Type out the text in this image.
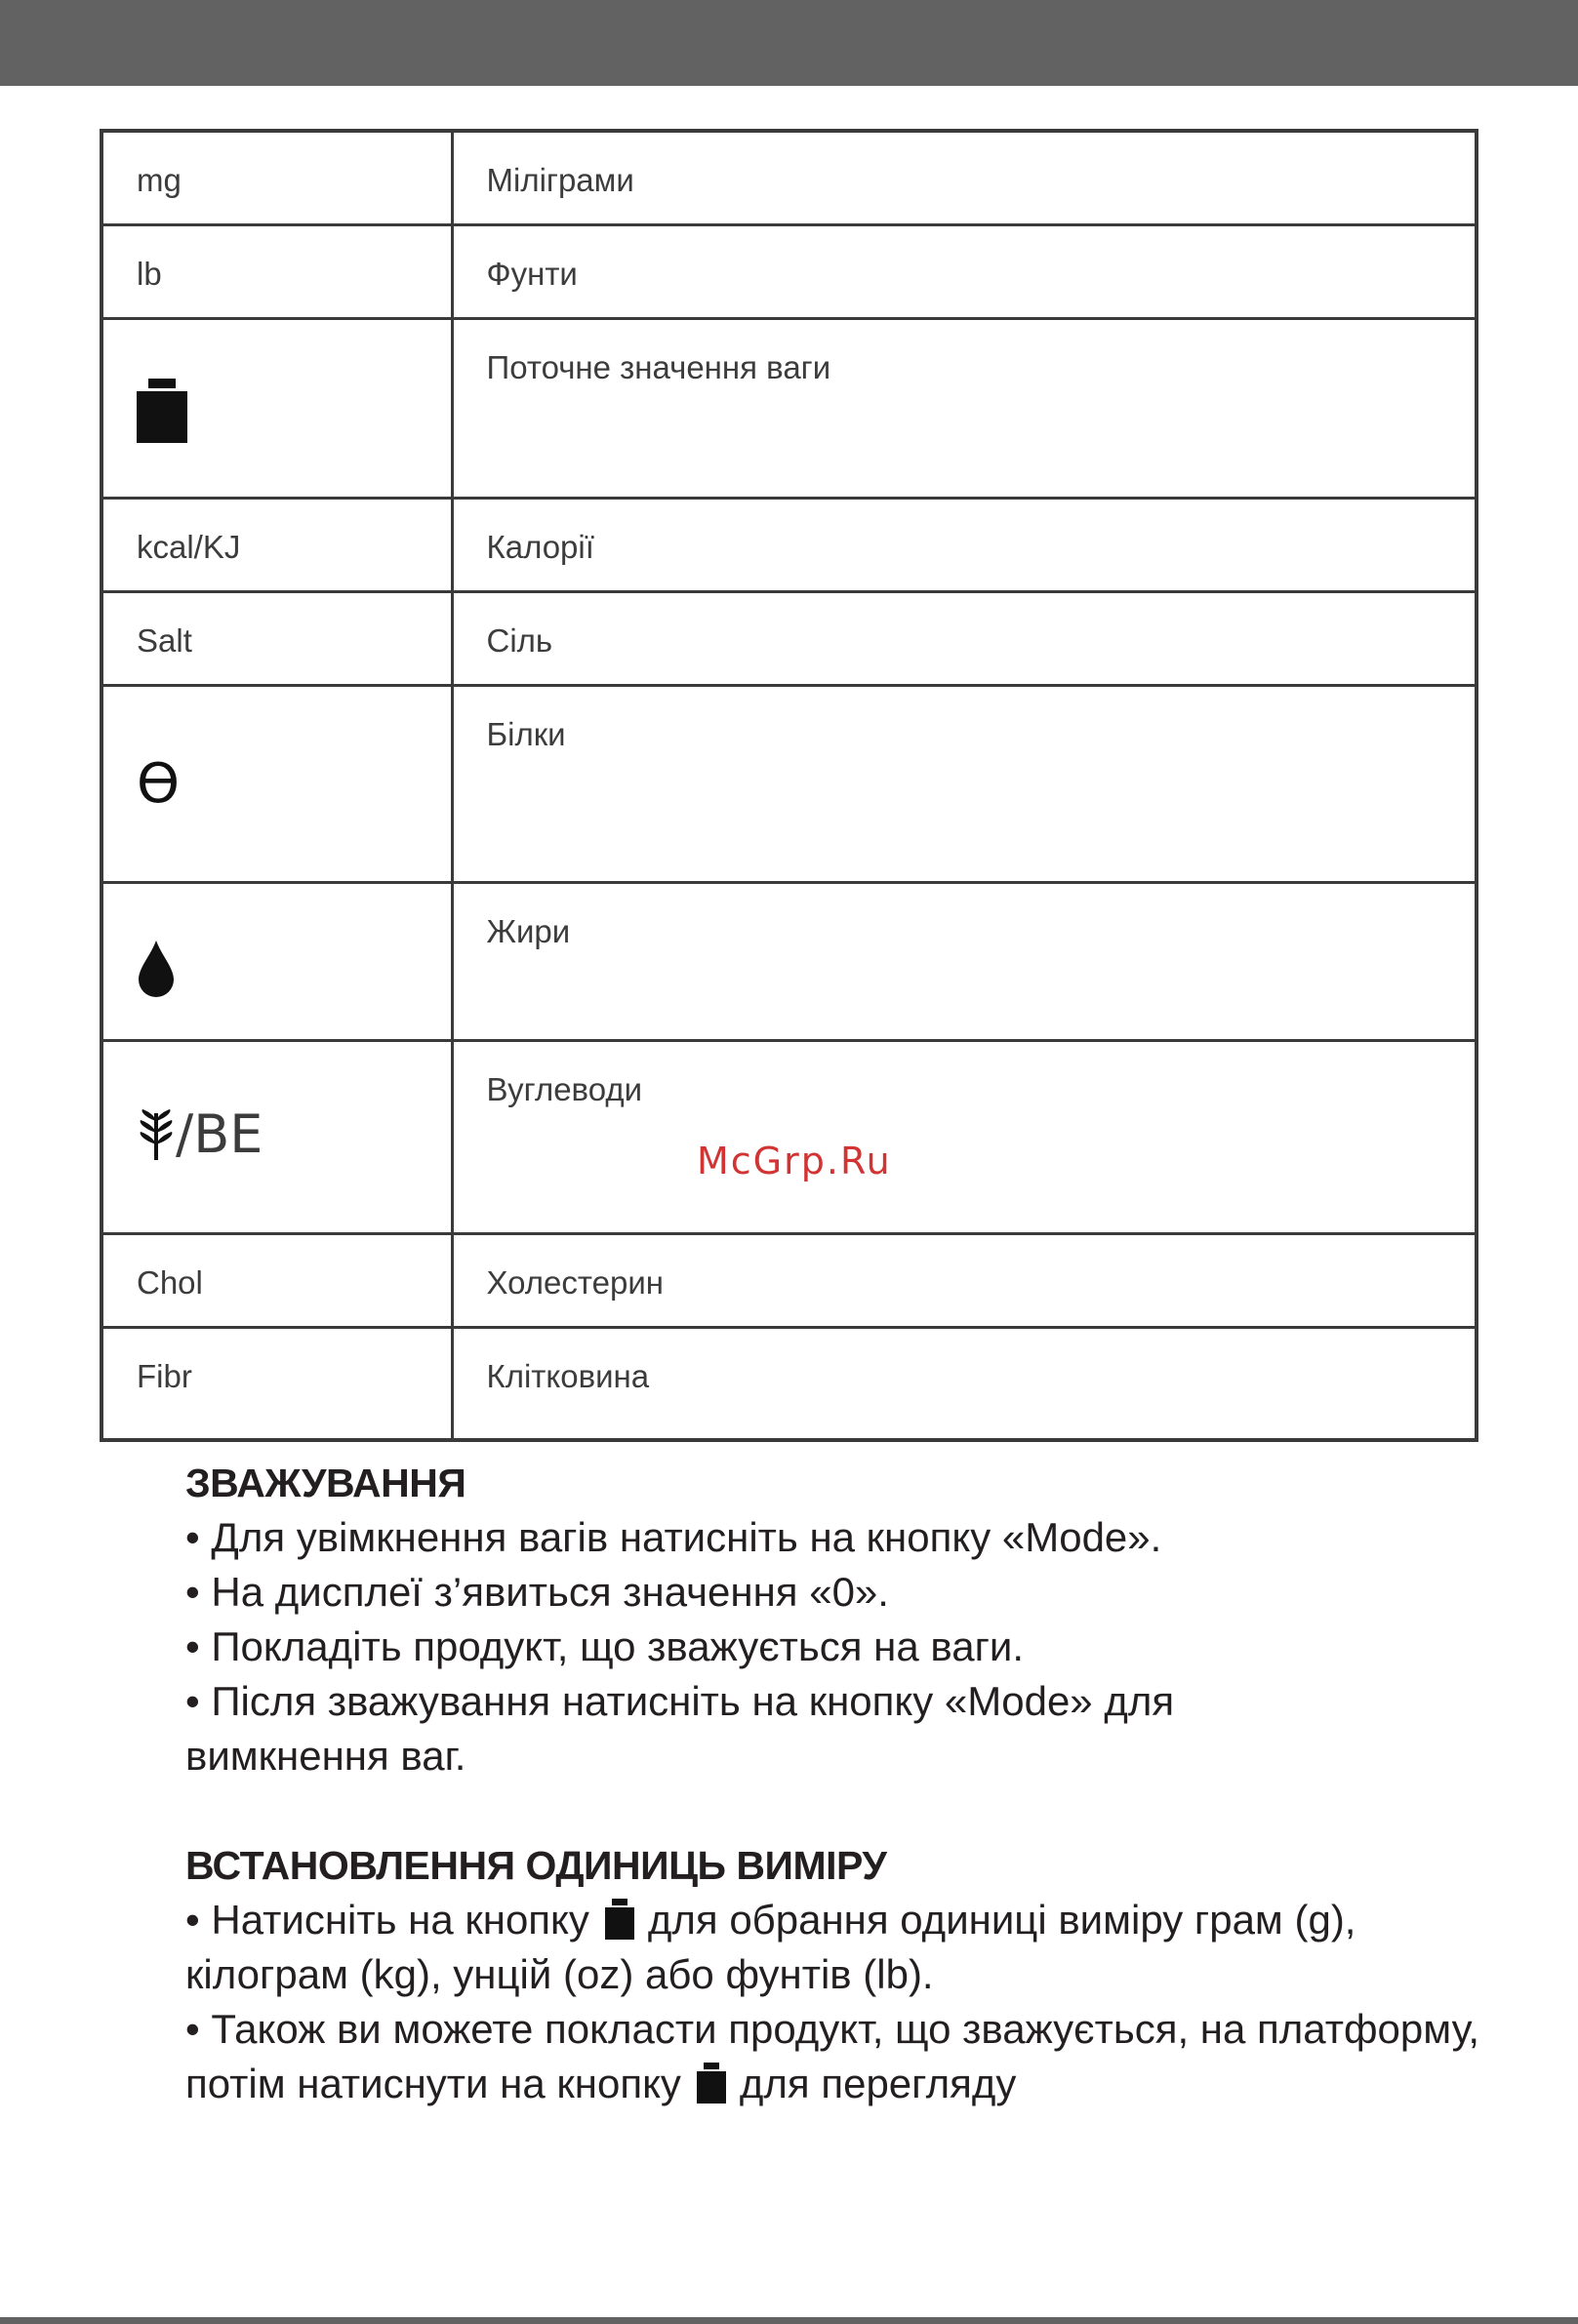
mg	Міліграми
lb	Фунти

	Поточне значення ваги
kcal/KJ	Калорії
Salt	Сіль
ϴ	Білки
	Жири

/BE	Вуглеводи
Chol	Холестерин
Fibr	Клітковина
McGrp.Ru

ЗВАЖУВАННЯ

• Для увімкнення вагів натисніть на кнопку «Mode».

• На дисплеї з’явиться значення «0».

• Покладіть продукт, що зважується на ваги.

• Після зважування натисніть на кнопку «Mode» для вимкнення ваг.

ВСТАНОВЛЕННЯ ОДИНИЦЬ ВИМІРУ

• Натисніть на кнопку для обрання одиниці виміру грам (g), кілограм (kg), унцій (oz) або фунтів (lb).

• Також ви можете покласти продукт, що зважується, на платформу, потім натиснути на кнопку для перегляду
